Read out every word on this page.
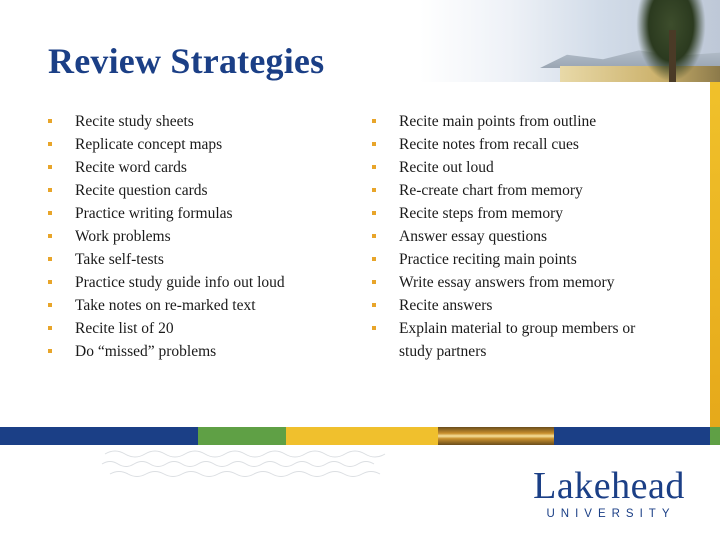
Review Strategies
Recite study sheets
Replicate concept maps
Recite word cards
Recite question cards
Practice writing formulas
Work problems
Take self-tests
Practice study guide info out loud
Take notes on re-marked text
Recite list of 20
Do “missed” problems
Recite main points from outline
Recite notes from recall cues
Recite out loud
Re-create chart from memory
Recite steps from memory
Answer essay questions
Practice reciting main points
Write essay answers from memory
Recite answers
Explain material to group members or study partners
Lakehead
UNIVERSITY
